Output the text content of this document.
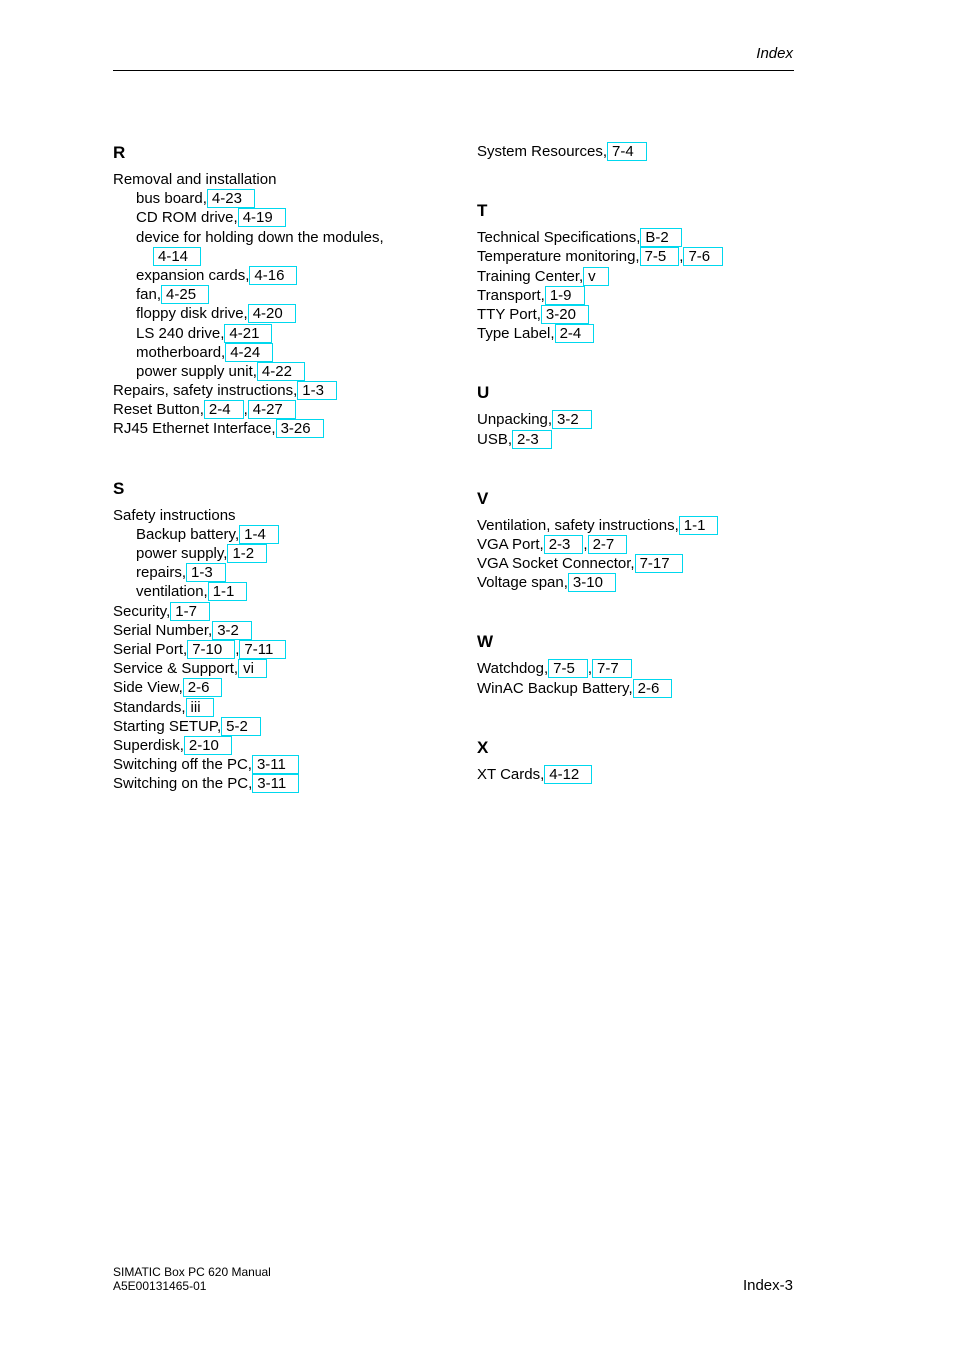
Index
R
Removal and installation
bus board, 4-23
CD ROM drive, 4-19
device for holding down the modules,
4-14
expansion cards, 4-16
fan, 4-25
floppy disk drive, 4-20
LS 240 drive, 4-21
motherboard, 4-24
power supply unit, 4-22
Repairs, safety instructions, 1-3
Reset Button, 2-4 , 4-27
RJ45 Ethernet Interface, 3-26
S
Safety instructions
Backup battery, 1-4
power supply, 1-2
repairs, 1-3
ventilation, 1-1
Security, 1-7
Serial Number, 3-2
Serial Port, 7-10 , 7-11
Service & Support, vi
Side View, 2-6
Standards, iii
Starting SETUP, 5-2
Superdisk, 2-10
Switching off the PC, 3-11
Switching on the PC, 3-11
System Resources, 7-4
T
Technical Specifications, B-2
Temperature monitoring, 7-5 , 7-6
Training Center, v
Transport, 1-9
TTY Port, 3-20
Type Label, 2-4
U
Unpacking, 3-2
USB, 2-3
V
Ventilation, safety instructions, 1-1
VGA Port, 2-3 , 2-7
VGA Socket Connector, 7-17
Voltage span, 3-10
W
Watchdog, 7-5 , 7-7
WinAC Backup Battery, 2-6
X
XT Cards, 4-12
SIMATIC Box PC 620 Manual
A5E00131465-01	Index-3
